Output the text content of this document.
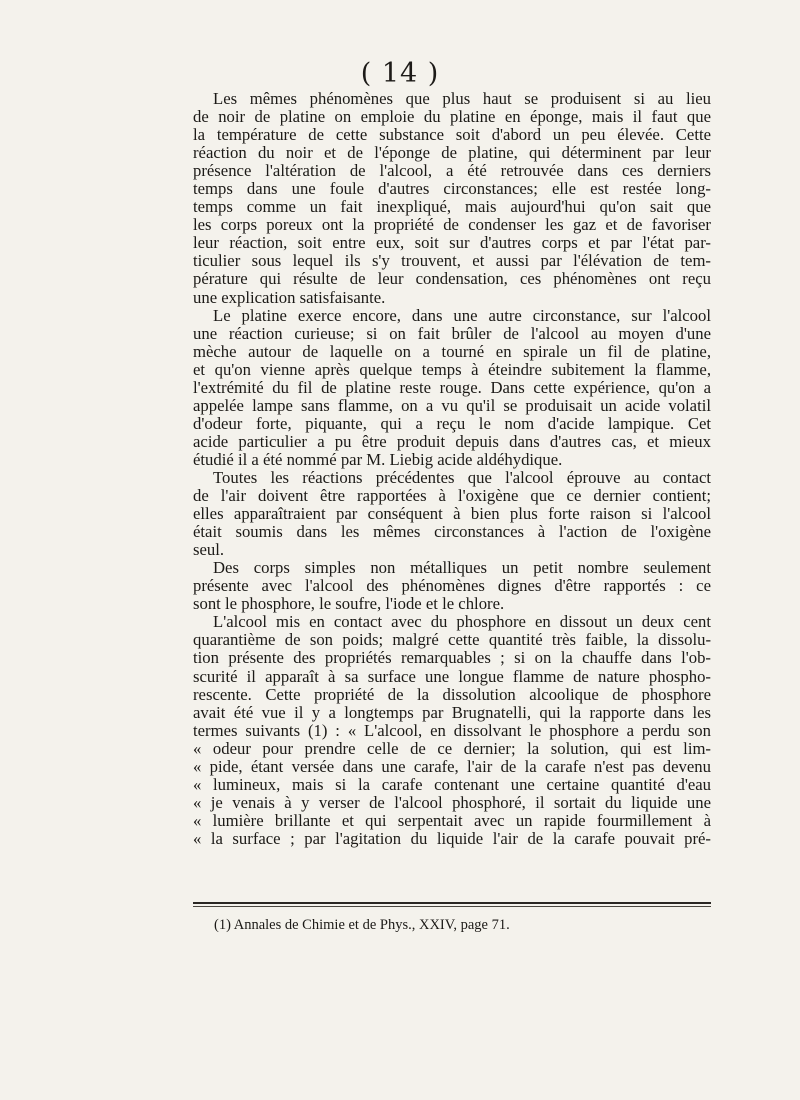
( 14 )
Les mêmes phénomènes que plus haut se produisent si au lieu
de noir de platine on emploie du platine en éponge, mais il faut que
la température de cette substance soit d'abord un peu élevée. Cette
réaction du noir et de l'éponge de platine, qui déterminent par leur
présence l'altération de l'alcool, a été retrouvée dans ces derniers
temps dans une foule d'autres circonstances; elle est restée long-
temps comme un fait inexpliqué, mais aujourd'hui qu'on sait que
les corps poreux ont la propriété de condenser les gaz et de favoriser
leur réaction, soit entre eux, soit sur d'autres corps et par l'état par-
ticulier sous lequel ils s'y trouvent, et aussi par l'élévation de tem-
pérature qui résulte de leur condensation, ces phénomènes ont reçu
une explication satisfaisante.
Le platine exerce encore, dans une autre circonstance, sur l'alcool
une réaction curieuse; si on fait brûler de l'alcool au moyen d'une
mèche autour de laquelle on a tourné en spirale un fil de platine,
et qu'on vienne après quelque temps à éteindre subitement la flamme,
l'extrémité du fil de platine reste rouge. Dans cette expérience, qu'on a
appelée lampe sans flamme, on a vu qu'il se produisait un acide volatil
d'odeur forte, piquante, qui a reçu le nom d'acide lampique. Cet
acide particulier a pu être produit depuis dans d'autres cas, et mieux
étudié il a été nommé par M. Liebig acide aldéhydique.
Toutes les réactions précédentes que l'alcool éprouve au contact
de l'air doivent être rapportées à l'oxigène que ce dernier contient;
elles apparaîtraient par conséquent à bien plus forte raison si l'alcool
était soumis dans les mêmes circonstances à l'action de l'oxigène
seul.
Des corps simples non métalliques un petit nombre seulement
présente avec l'alcool des phénomènes dignes d'être rapportés : ce
sont le phosphore, le soufre, l'iode et le chlore.
L'alcool mis en contact avec du phosphore en dissout un deux cent
quarantième de son poids; malgré cette quantité très faible, la dissolu-
tion présente des propriétés remarquables ; si on la chauffe dans l'ob-
scurité il apparaît à sa surface une longue flamme de nature phospho-
rescente. Cette propriété de la dissolution alcoolique de phosphore
avait été vue il y a longtemps par Brugnatelli, qui la rapporte dans les
termes suivants (1) : « L'alcool, en dissolvant le phosphore a perdu son
« odeur pour prendre celle de ce dernier; la solution, qui est lim-
« pide, étant versée dans une carafe, l'air de la carafe n'est pas devenu
« lumineux, mais si la carafe contenant une certaine quantité d'eau
« je venais à y verser de l'alcool phosphoré, il sortait du liquide une
« lumière brillante et qui serpentait avec un rapide fourmillement à
« la surface ; par l'agitation du liquide l'air de la carafe pouvait pré-
(1) Annales de Chimie et de Phys., XXIV, page 71.
